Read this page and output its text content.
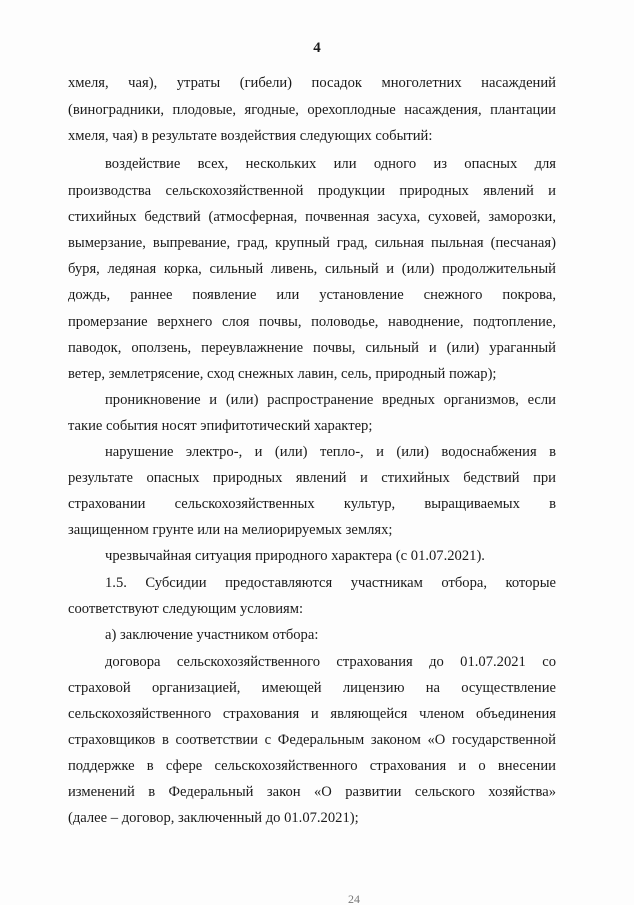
4
хмеля, чая), утраты (гибели) посадок многолетних насаждений
(виноградники, плодовые, ягодные, орехоплодные насаждения, плантации
хмеля, чая) в результате воздействия следующих событий:
воздействие всех, нескольких или одного из опасных для
производства сельскохозяйственной продукции природных явлений и
стихийных бедствий (атмосферная, почвенная засуха, суховей, заморозки,
вымерзание, выпревание, град, крупный град, сильная пыльная (песчаная)
буря, ледяная корка, сильный ливень, сильный и (или) продолжительный
дождь, раннее появление или установление снежного покрова,
промерзание верхнего слоя почвы, половодье, наводнение, подтопление,
паводок, оползень, переувлажнение почвы, сильный и (или) ураганный
ветер, землетрясение, сход снежных лавин, сель, природный пожар);
проникновение и (или) распространение вредных организмов, если
такие события носят эпифитотический характер;
нарушение электро-, и (или) тепло-, и (или) водоснабжения в
результате опасных природных явлений и стихийных бедствий при
страховании сельскохозяйственных культур, выращиваемых в
защищенном грунте или на мелиорируемых землях;
чрезвычайная ситуация природного характера (с 01.07.2021).
1.5. Субсидии предоставляются участникам отбора, которые
соответствуют следующим условиям:
а) заключение участником отбора:
договора сельскохозяйственного страхования до 01.07.2021 со
страховой организацией, имеющей лицензию на осуществление
сельскохозяйственного страхования и являющейся членом объединения
страховщиков в соответствии с Федеральным законом «О государственной
поддержке в сфере сельскохозяйственного страхования и о внесении
изменений в Федеральный закон «О развитии сельского хозяйства»
(далее – договор, заключенный до 01.07.2021);
24
